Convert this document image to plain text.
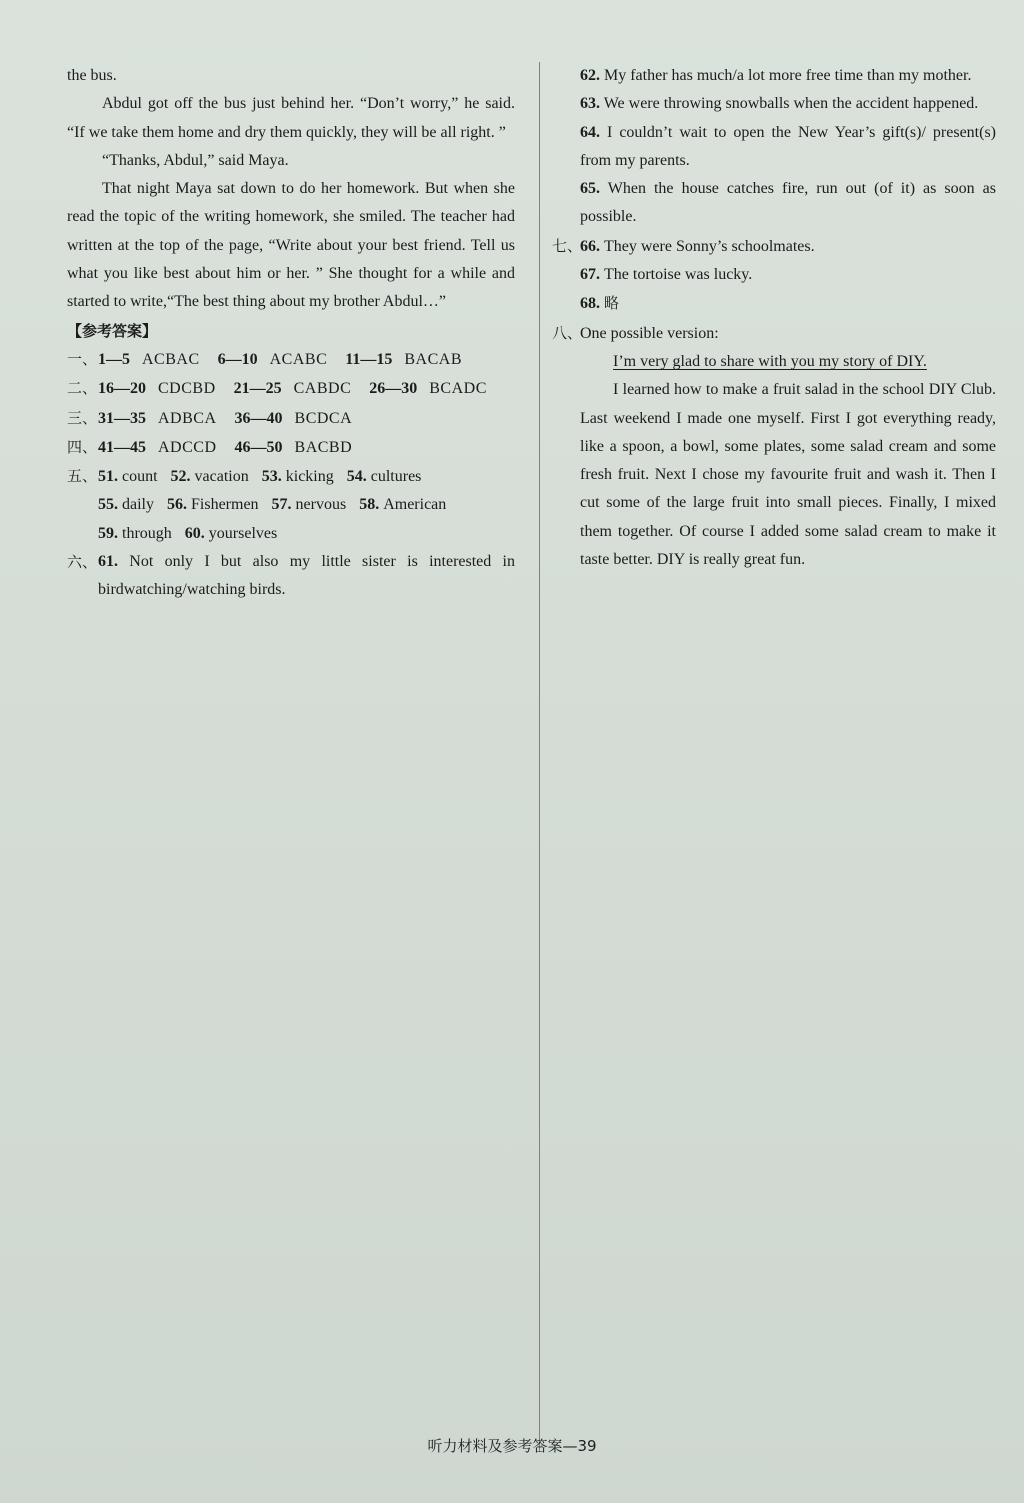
the bus.

Abdul got off the bus just behind her. “Don’t worry,” he said. “If we take them home and dry them quickly, they will be all right. ”

“Thanks, Abdul,” said Maya.

That night Maya sat down to do her homework. But when she read the topic of the writing homework, she smiled. The teacher had written at the top of the page, “Write about your best friend. Tell us what you like best about him or her. ” She thought for a while and started to write,“The best thing about my brother Abdul…”

【参考答案】

一、 1—5 ACBAC 6—10 ACABC 11—15 BACAB
二、 16—20 CDCBD 21—25 CABDC 26—30 BCADC
三、 31—35 ADBCA 36—40 BCDCA
四、 41—45 ADCCD 46—50 BACBD
五、 51.
count 52.
vacation 53.
kicking 54.
cultures
55.
daily 56.
Fishermen 57.
nervous 58.
American
59.
through 60.
yourselves
六、 61. Not only I but also my little sister is interested in birdwatching/watching birds.
62. My father has much/a lot more free time than my mother.
63. We were throwing snowballs when the accident happened.
64. I couldn’t wait to open the New Year’s gift(s)/ present(s) from my parents.
65. When the house catches fire, run out (of it) as soon as possible.
七、
66.
They were Sonny’s schoolmates.
67.
The tortoise was lucky.
68.
略
八、
One possible version:
I’m very glad to share with you my story of DIY.

I learned how to make a fruit salad in the school DIY Club. Last weekend I made one myself. First I got everything ready, like a spoon, a bowl, some plates, some salad cream and some fresh fruit. Next I chose my favourite fruit and wash it. Then I cut some of the large fruit into small pieces. Finally, I mixed them together. Of course I added some salad cream to make it taste better. DIY is really great fun.

听力材料及参考答案—39
